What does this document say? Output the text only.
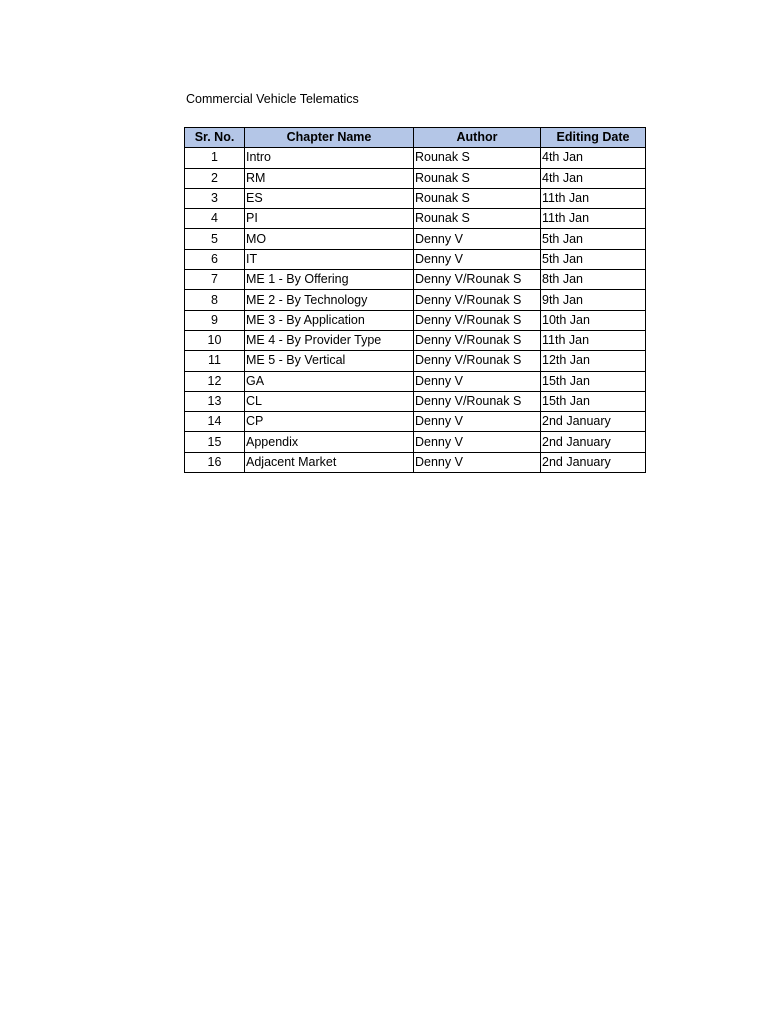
Commercial Vehicle Telematics
Sr. No.	Chapter Name	Author	Editing Date
1	Intro	Rounak S	4th Jan
2	RM	Rounak S	4th Jan
3	ES	Rounak S	11th Jan
4	PI	Rounak S	11th Jan
5	MO	Denny V	5th Jan
6	IT	Denny V	5th Jan
7	ME 1 - By Offering	Denny V/Rounak S	8th Jan
8	ME 2 - By Technology	Denny V/Rounak S	9th Jan
9	ME 3 - By Application	Denny V/Rounak S	10th Jan
10	ME 4 - By Provider Type	Denny V/Rounak S	11th Jan
11	ME 5 - By Vertical	Denny V/Rounak S	12th Jan
12	GA	Denny V	15th Jan
13	CL	Denny V/Rounak S	15th Jan
14	CP	Denny V	2nd January
15	Appendix	Denny V	2nd January
16	Adjacent Market	Denny V	2nd January
